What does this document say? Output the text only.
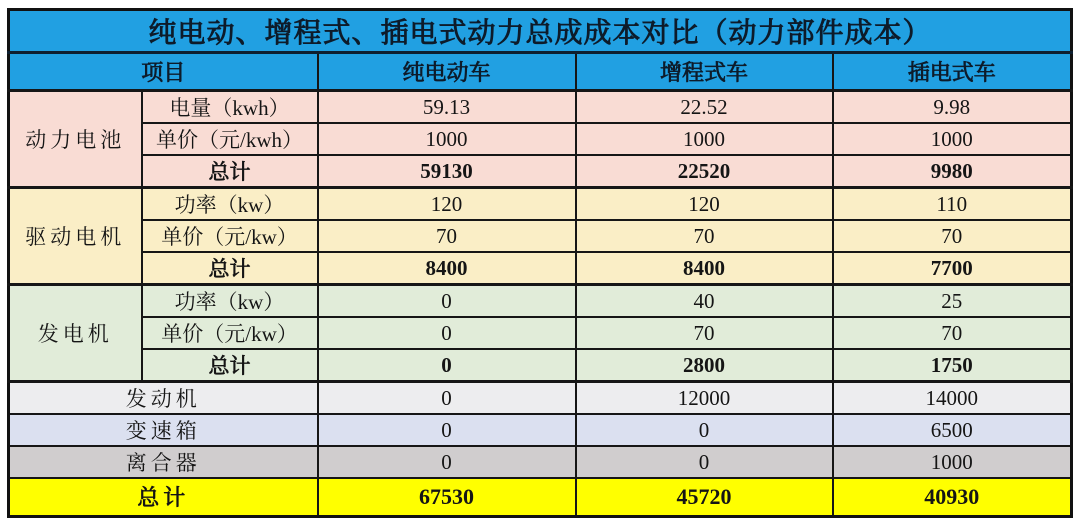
纯电动、增程式、插电式动力总成成本对比（动力部件成本）				
项目		纯电动车	增程式车	插电式车
动力电池	电量（kwh）	59.13	22.52	9.98
	单价（元/kwh）	1000	1000	1000
	总计	59130	22520	9980
驱动电机	功率（kw）	120	120	110
	单价（元/kw）	70	70	70
	总计	8400	8400	7700
发电机	功率（kw）	0	40	25
	单价（元/kw）	0	70	70
	总计	0	2800	1750
发动机		0	12000	14000
变速箱		0	0	6500
离合器		0	0	1000
总计		67530	45720	40930
